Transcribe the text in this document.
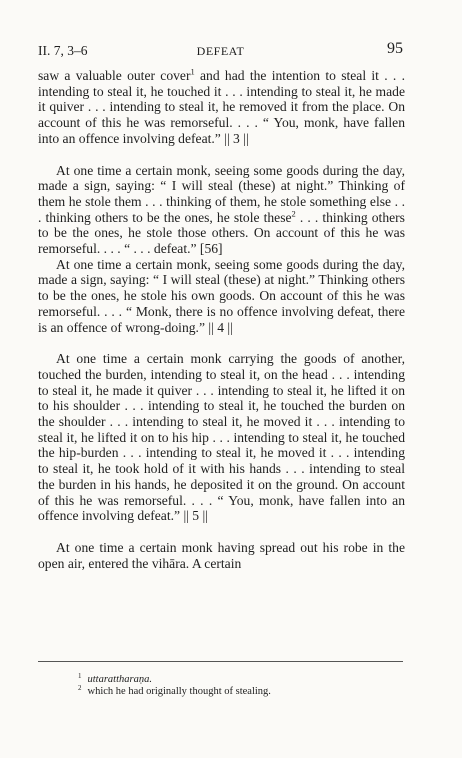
II. 7, 3–6	DEFEAT	95

saw a valuable outer cover$^1$ and had the intention to steal it . . . intending to steal it, he touched it . . . intending to steal it, he made it quiver . . . intending to steal it, he removed it from the place. On account of this he was remorseful. . . . “ You, monk, have fallen into an offence involving defeat.” || 3 ||

At one time a certain monk, seeing some goods during the day, made a sign, saying: “ I will steal (these) at night.” Thinking of them he stole them . . . thinking of them, he stole something else . . . thinking others to be the ones, he stole these$^2$ . . . thinking others to be the ones, he stole those others. On account of this he was remorseful. . . . “ . . . defeat.” [56]

At one time a certain monk, seeing some goods during the day, made a sign, saying: “ I will steal (these) at night.” Thinking others to be the ones, he stole his own goods. On account of this he was remorseful. . . . “ Monk, there is no offence involving defeat, there is an offence of wrong-doing.” || 4 ||

At one time a certain monk carrying the goods of another, touched the burden, intending to steal it, on the head . . . intending to steal it, he made it quiver . . . intending to steal it, he lifted it on to his shoulder . . . intending to steal it, he touched the burden on the shoulder . . . intending to steal it, he moved it . . . intending to steal it, he lifted it on to his hip . . . intending to steal it, he touched the hip-burden . . . intending to steal it, he moved it . . . intending to steal it, he took hold of it with his hands . . . intending to steal the burden in his hands, he deposited it on the ground. On account of this he was remorseful. . . . “ You, monk, have fallen into an offence involving defeat.” || 5 ||

At one time a certain monk having spread out his robe in the open air, entered the vihāra. A certain

$^1$ uttarattharaṇa.

$^2$ which he had originally thought of stealing.
